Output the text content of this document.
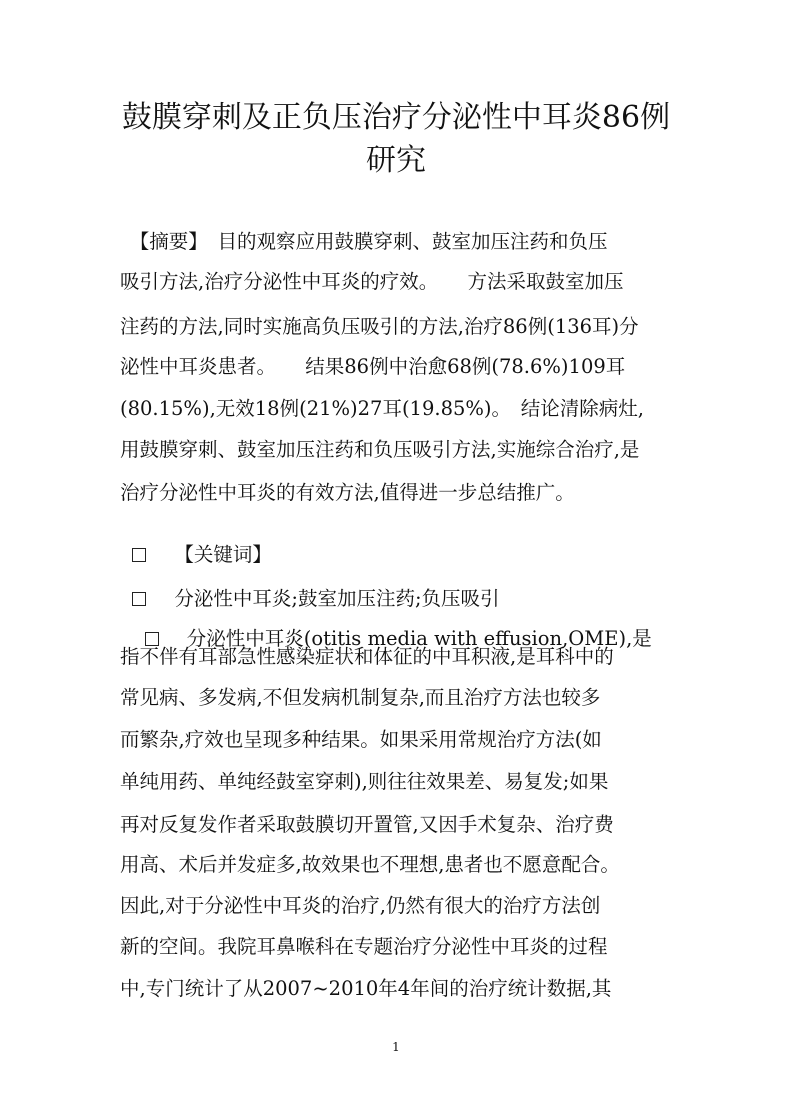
鼓膜穿刺及正负压治疗分泌性中耳炎86例
研究
　【摘要】　目的观察应用鼓膜穿刺、鼓室加压注药和负压
吸引方法,治疗分泌性中耳炎的疗效。　　方法采取鼓室加压
注药的方法,同时实施高负压吸引的方法,治疗86例(136耳)分
泌性中耳炎患者。　　结果86例中治愈68例(78.6%)109耳
(80.15%),无效18例(21%)27耳(19.85%)。　结论清除病灶,
用鼓膜穿刺、鼓室加压注药和负压吸引方法,实施综合治疗,是
治疗分泌性中耳炎的有效方法,值得进一步总结推广。

【关键词】

分泌性中耳炎;鼓室加压注药;负压吸引

分泌性中耳炎(otitis media with effusion,OME),是

指不伴有耳部急性感染症状和体征的中耳积液,是耳科中的
常见病、多发病,不但发病机制复杂,而且治疗方法也较多
而繁杂,疗效也呈现多种结果。如果采用常规治疗方法(如
单纯用药、单纯经鼓室穿刺),则往往效果差、易复发;如果
再对反复发作者采取鼓膜切开置管,又因手术复杂、治疗费
用高、术后并发症多,故效果也不理想,患者也不愿意配合。
因此,对于分泌性中耳炎的治疗,仍然有很大的治疗方法创
新的空间。我院耳鼻喉科在专题治疗分泌性中耳炎的过程
中,专门统计了从2007~2010年4年间的治疗统计数据,其
1
